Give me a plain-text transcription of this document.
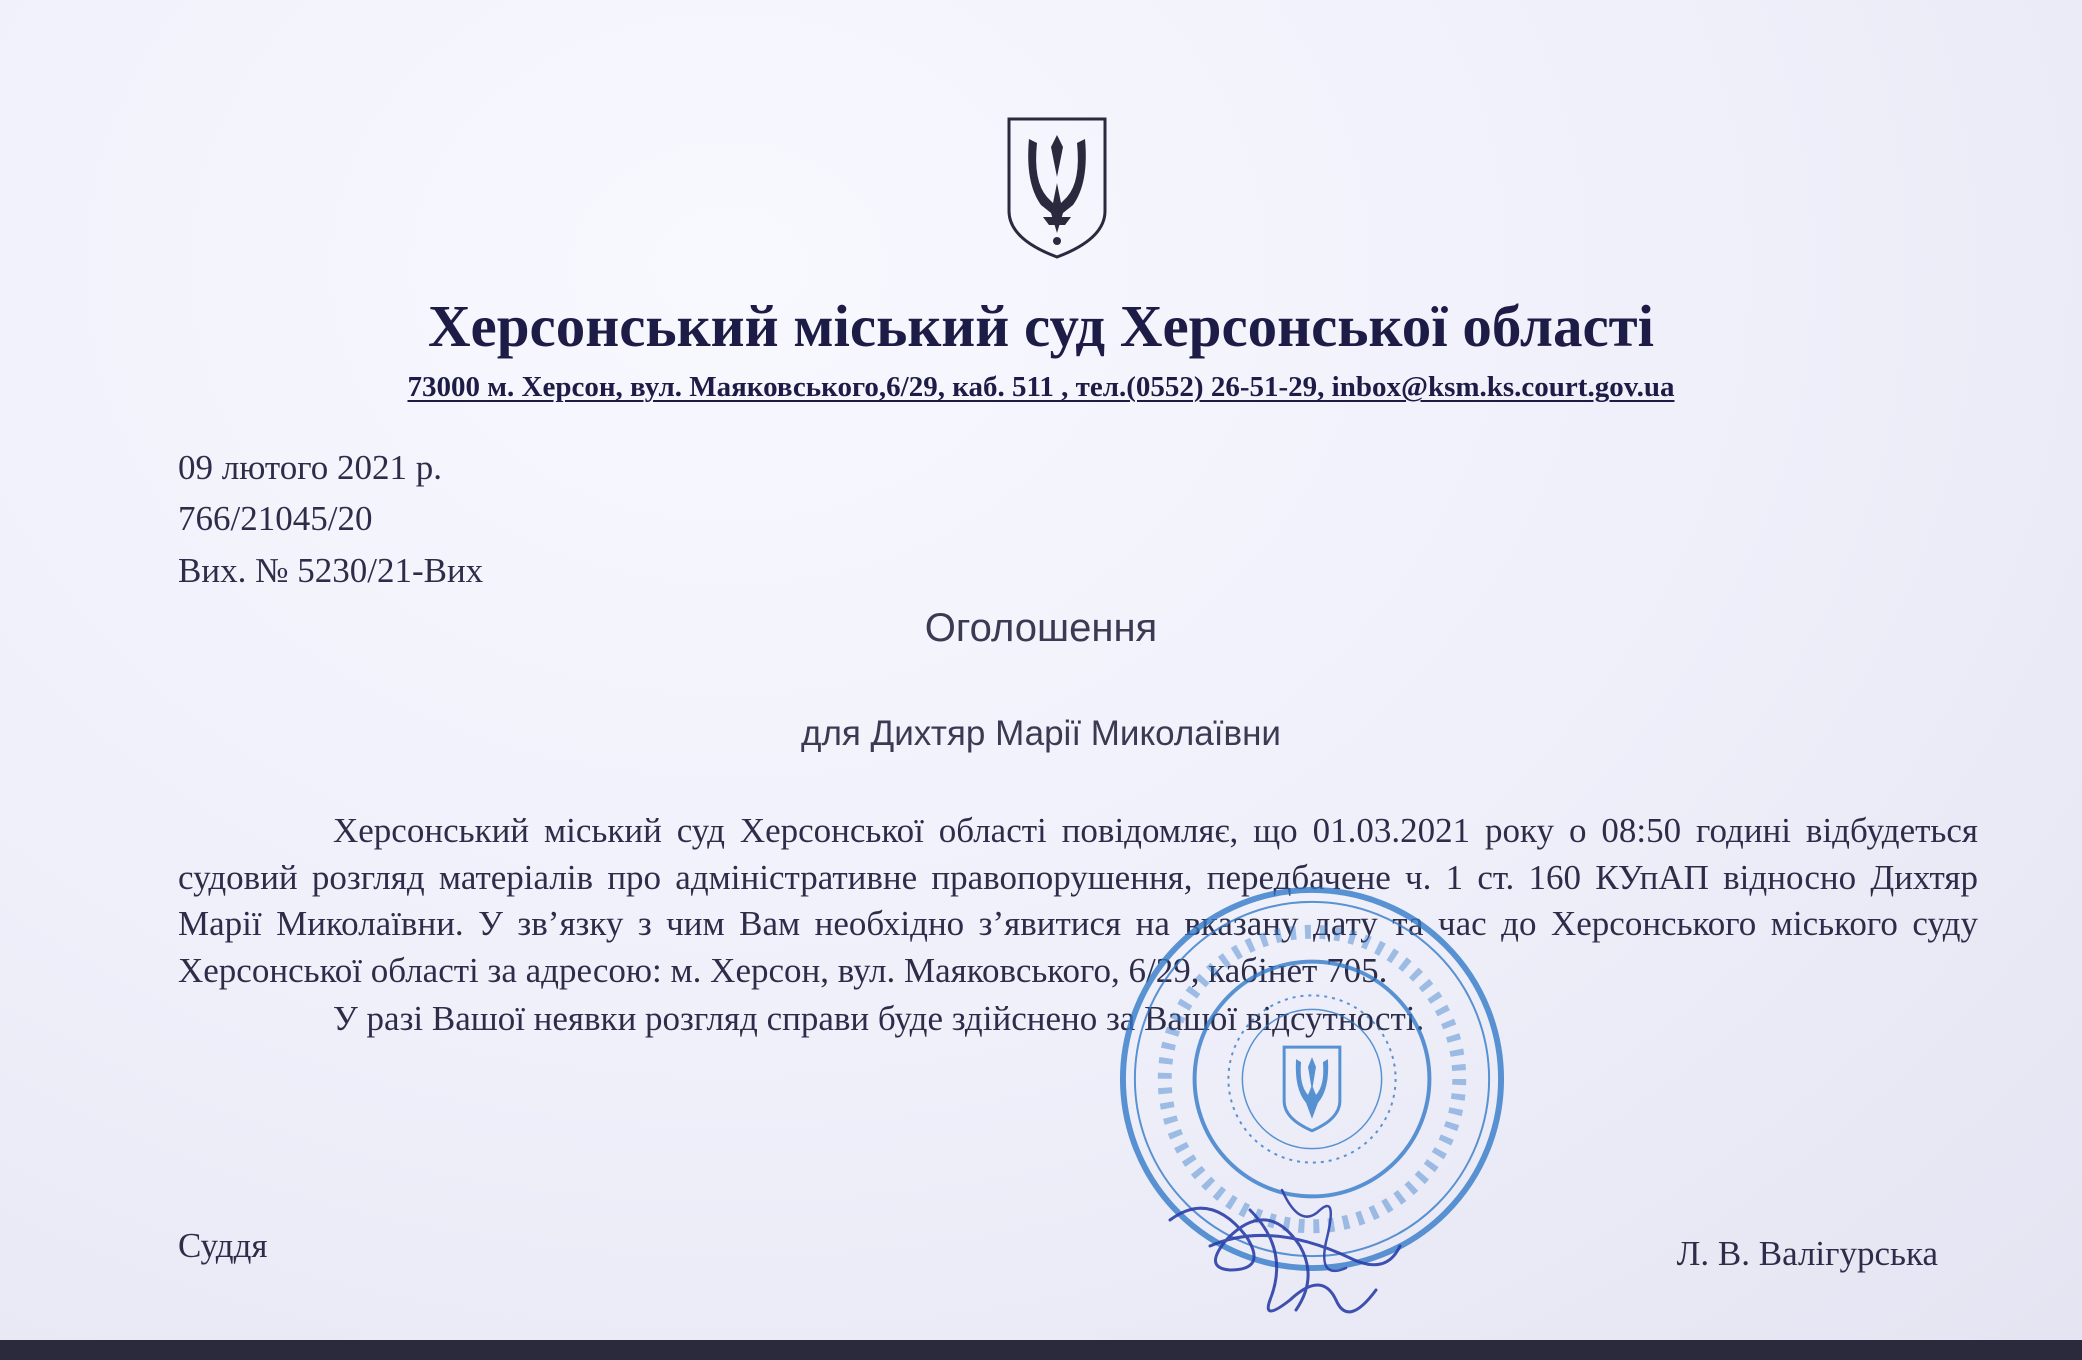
Херсонський міський суд Херсонської області
73000 м. Херсон, вул. Маяковського,6/29, каб. 511 , тел.(0552) 26-51-29, inbox@ksm.ks.court.gov.ua
09 лютого 2021 р.
766/21045/20
Вих. № 5230/21-Вих
Оголошення
для Дихтяр Марії Миколаївни

Херсонський міський суд Херсонської області повідомляє, що 01.03.2021 року о 08:50 годині відбудеться судовий розгляд матеріалів про адміністративне правопорушення, передбачене ч. 1 ст. 160 КУпАП відносно Дихтяр Марії Миколаївни. У зв’язку з чим Вам необхідно з’явитися на вказану дату та час до Херсонського міського суду Херсонської області за адресою: м. Херсон, вул. Маяковського, 6/29, кабінет 705.

У разі Вашої неявки розгляд справи буде здійснено за Вашої відсутності.

Суддя	Л. В. Валігурська
